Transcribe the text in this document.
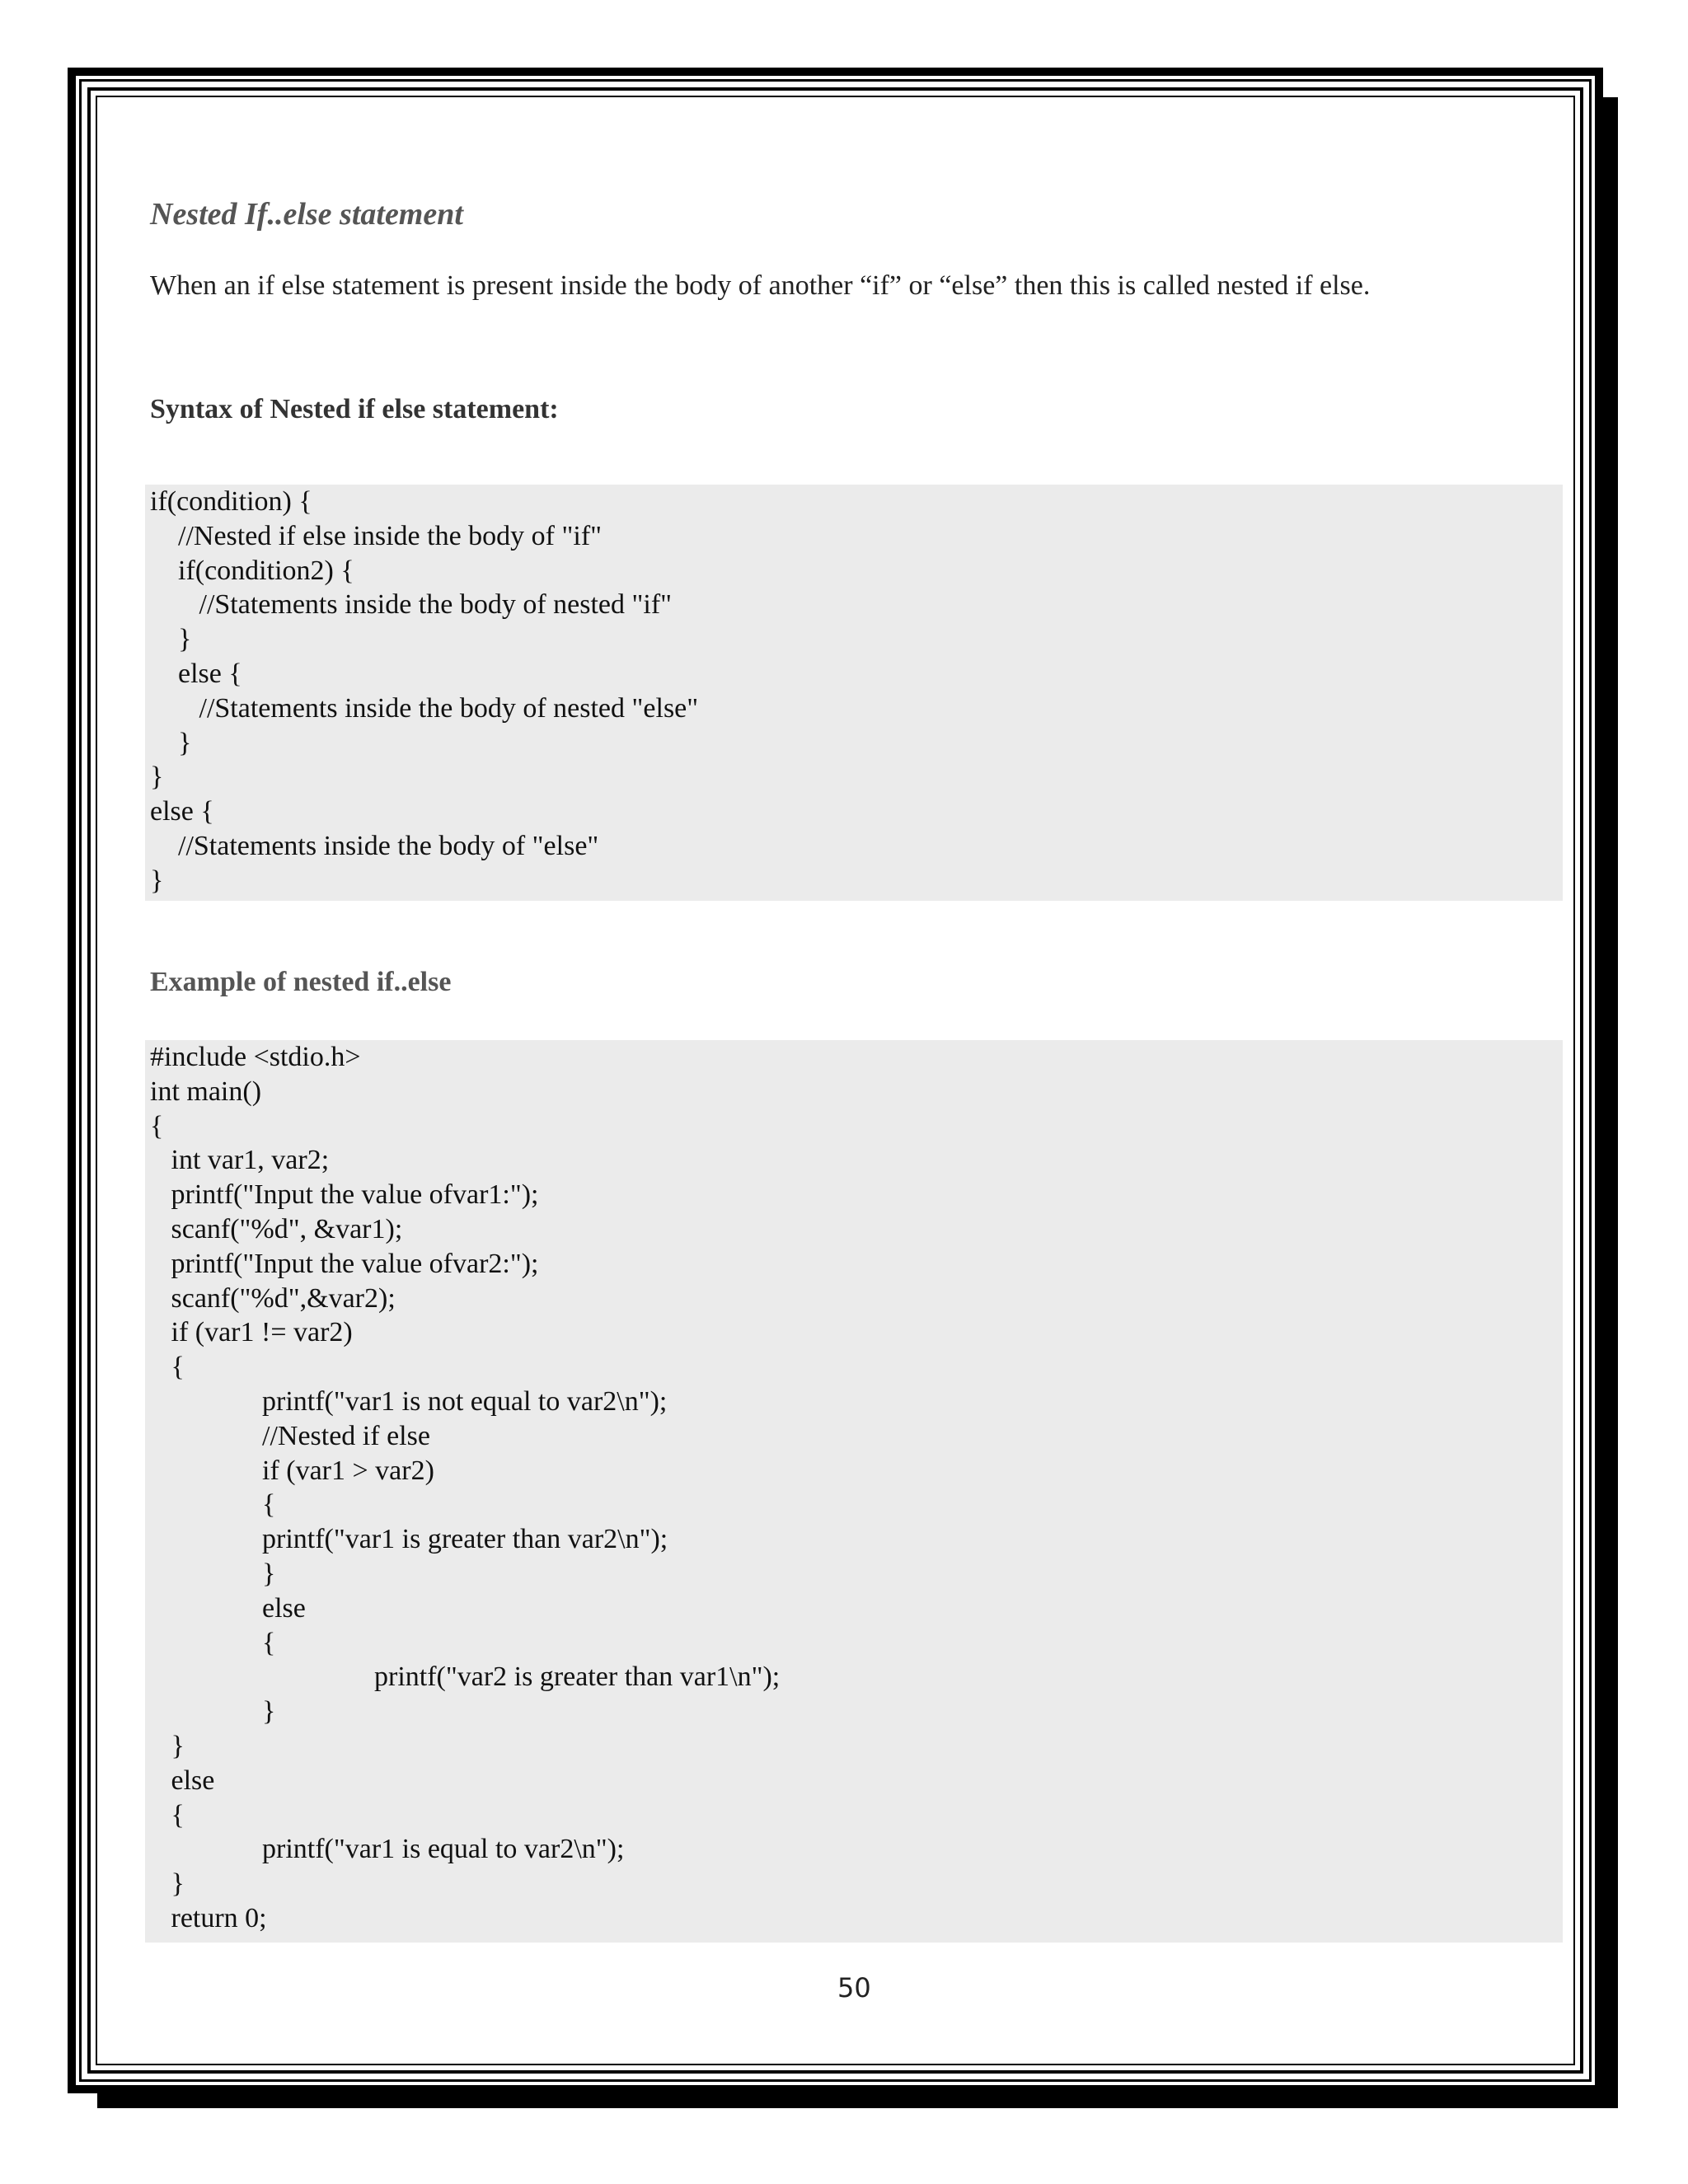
Nested If..else statement
When an if else statement is present inside the body of another “if” or “else” then this is called nested if else.
Syntax of Nested if else statement:
if(condition) {
//Nested if else inside the body of "if"
if(condition2) {
//Statements inside the body of nested "if"
}
else {
//Statements inside the body of nested "else"
}
}
else {
//Statements inside the body of "else"
}
Example of nested if..else
#include <stdio.h>
int main()
{
int var1, var2;
printf("Input the value ofvar1:");
scanf("%d", &var1);
printf("Input the value ofvar2:");
scanf("%d",&var2);
if (var1 != var2)
{
printf("var1 is not equal to var2\n");
//Nested if else
if (var1 > var2)
{
printf("var1 is greater than var2\n");
}
else
{
printf("var2 is greater than var1\n");
}
}
else
{
printf("var1 is equal to var2\n");
}
return 0;
50
